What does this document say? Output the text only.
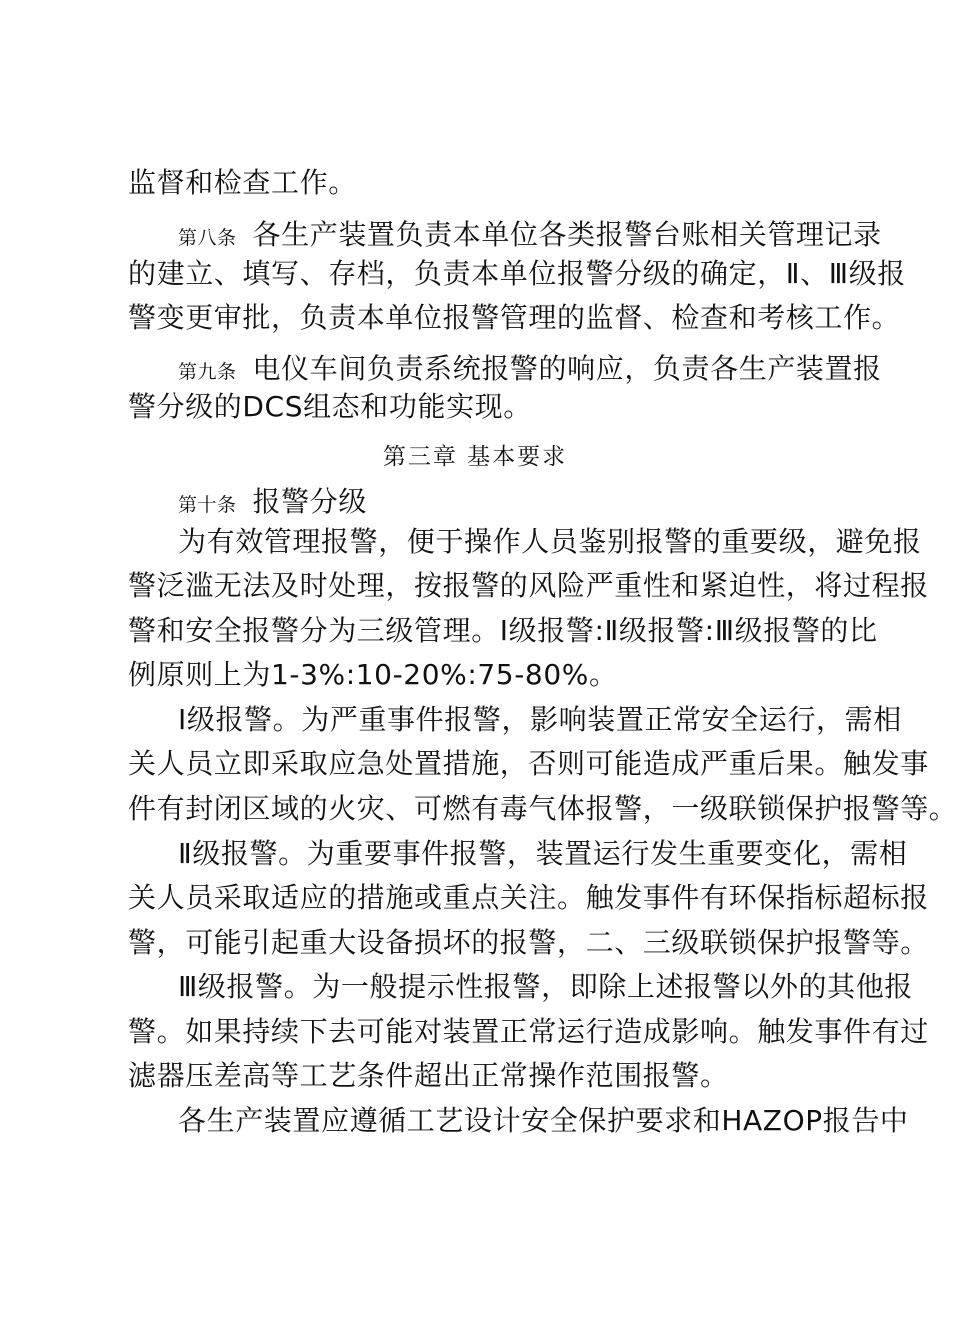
监督和检查工作。
第八条 各生产装置负责本单位各类报警台账相关管理记录
的建立、填写、存档，负责本单位报警分级的确定，Ⅱ、Ⅲ级报
警变更审批，负责本单位报警管理的监督、检查和考核工作。
第九条 电仪车间负责系统报警的响应，负责各生产装置报
警分级的DCS组态和功能实现。
第三章 基本要求
第十条 报警分级
为有效管理报警，便于操作人员鉴别报警的重要级，避免报
警泛滥无法及时处理，按报警的风险严重性和紧迫性，将过程报
警和安全报警分为三级管理。Ⅰ级报警:Ⅱ级报警:Ⅲ级报警的比
例原则上为1-3%:10-20%:75-80%。
Ⅰ级报警。为严重事件报警，影响装置正常安全运行，需相
关人员立即采取应急处置措施，否则可能造成严重后果。触发事
件有封闭区域的火灾、可燃有毒气体报警，一级联锁保护报警等。
Ⅱ级报警。为重要事件报警，装置运行发生重要变化，需相
关人员采取适应的措施或重点关注。触发事件有环保指标超标报
警，可能引起重大设备损坏的报警，二、三级联锁保护报警等。
Ⅲ级报警。为一般提示性报警，即除上述报警以外的其他报
警。如果持续下去可能对装置正常运行造成影响。触发事件有过
滤器压差高等工艺条件超出正常操作范围报警。
各生产装置应遵循工艺设计安全保护要求和HAZOP报告中
